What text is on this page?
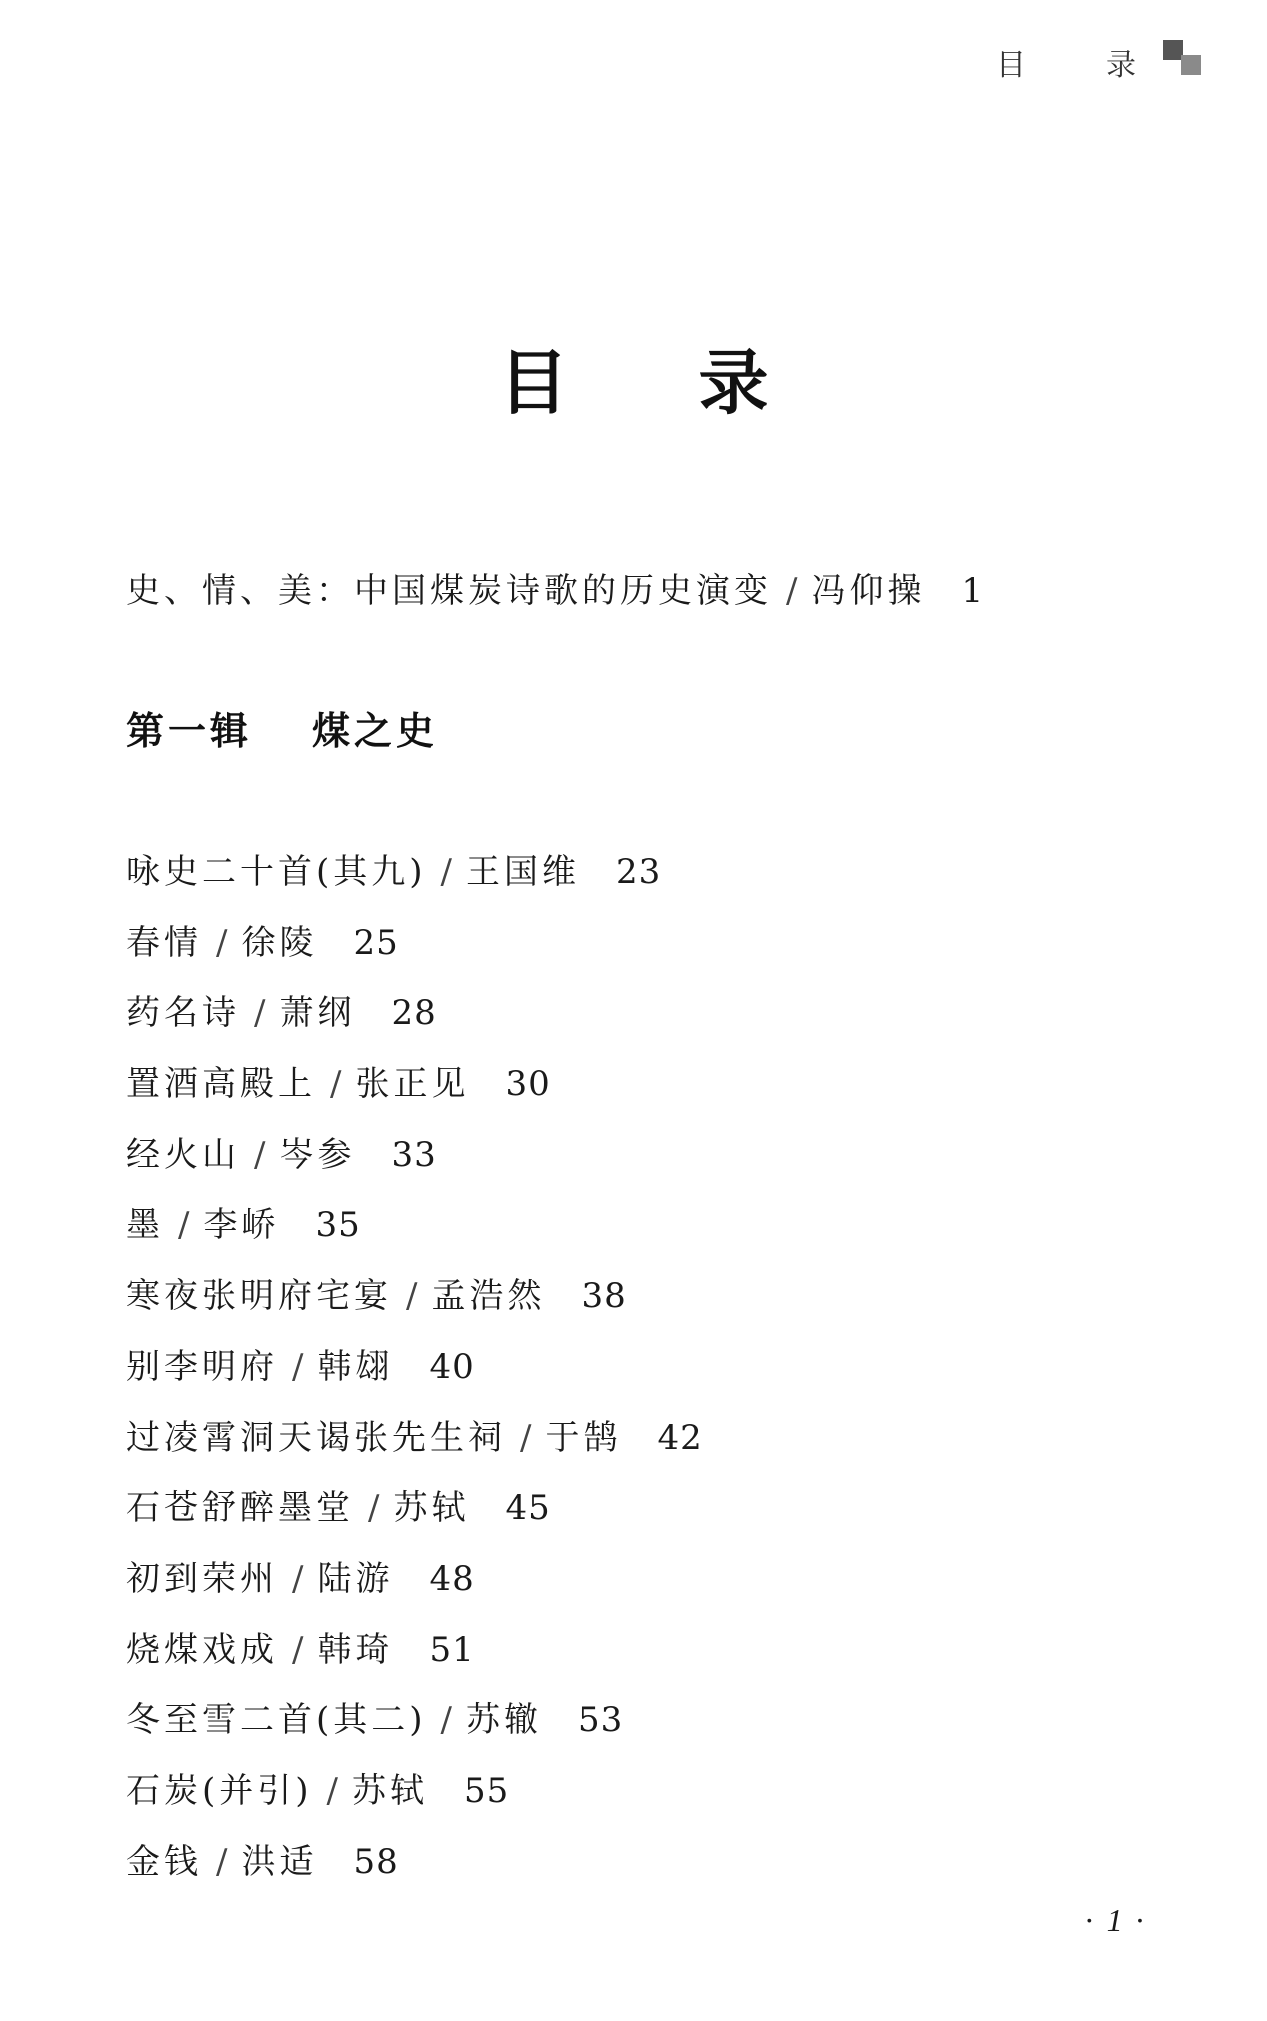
目	录
目 录
史、情、美：中国煤炭诗歌的历史演变 / 冯仰操 1
第一辑 煤之史
咏史二十首(其九) / 王国维 23
春情 / 徐陵 25
药名诗 / 萧纲 28
置酒高殿上 / 张正见 30
经火山 / 岑参 33
墨 / 李峤 35
寒夜张明府宅宴 / 孟浩然 38
别李明府 / 韩翃 40
过凌霄洞天谒张先生祠 / 于鹄 42
石苍舒醉墨堂 / 苏轼 45
初到荣州 / 陆游 48
烧煤戏成 / 韩琦 51
冬至雪二首(其二) / 苏辙 53
石炭(并引) / 苏轼 55
金钱 / 洪适 58
· 1 ·
